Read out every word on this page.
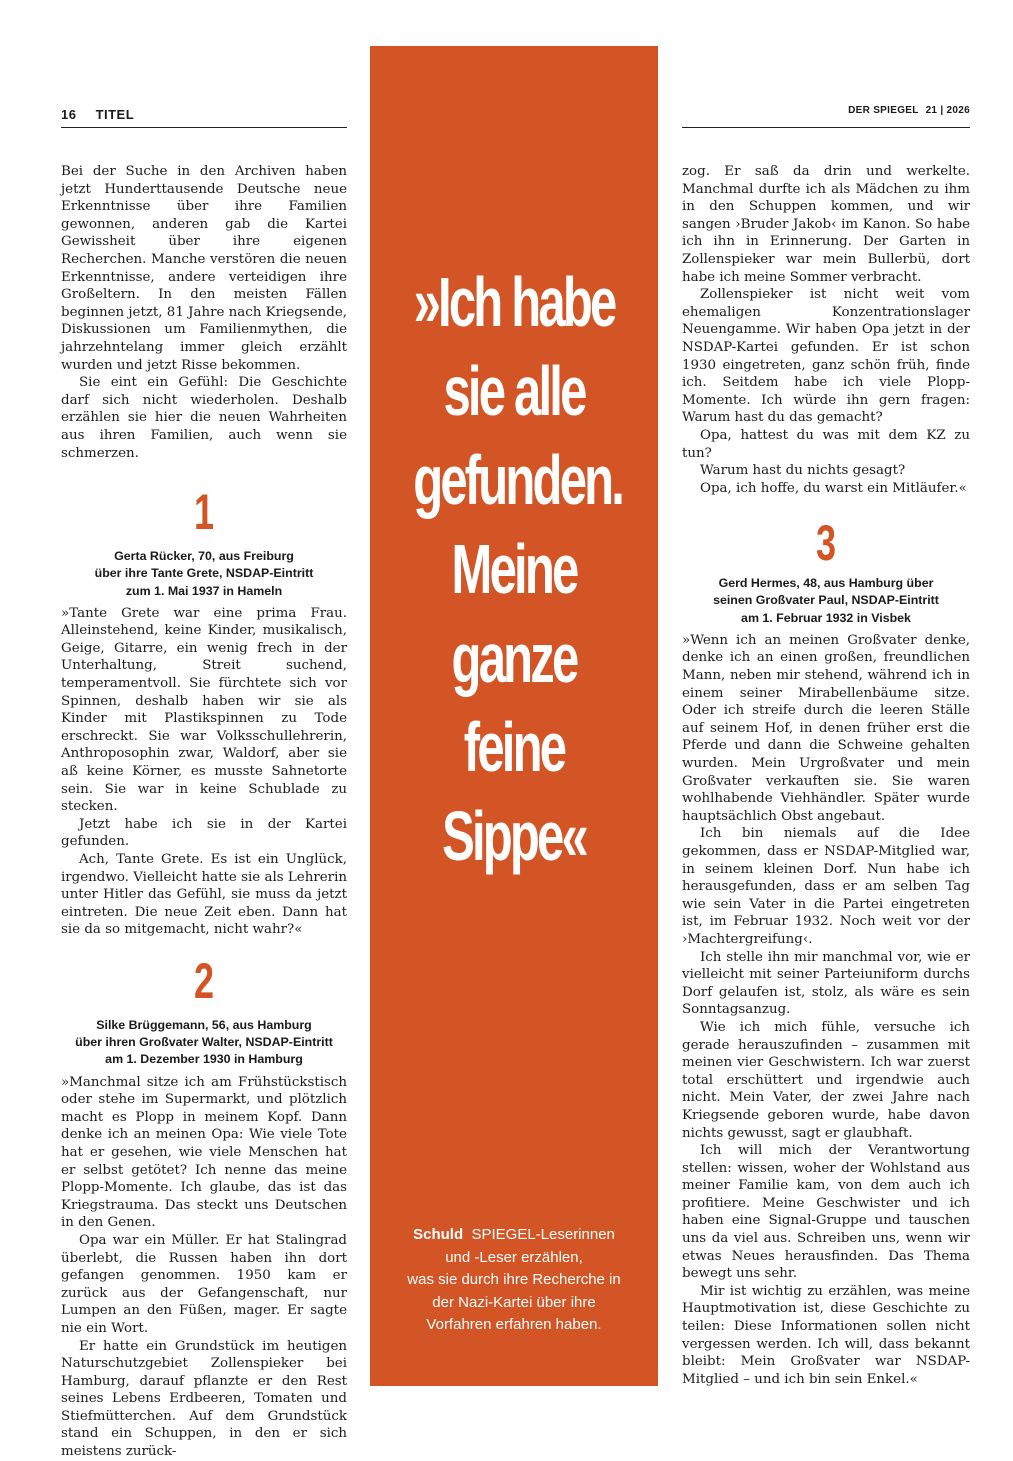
16 TITEL	DER SPIEGEL 21 | 2026

Bei der Suche in den Archiven haben jetzt Hunderttausende Deutsche neue Erkenntnisse über ihre Familien gewonnen, anderen gab die Kartei Gewissheit über ihre eigenen Recherchen. Manche verstören die neuen Erkenntnisse, andere verteidigen ihre Großeltern. In den meisten Fällen beginnen jetzt, 81 Jahre nach Kriegsende, Diskussionen um Familienmythen, die jahrzehntelang immer gleich erzählt wurden und jetzt Risse bekommen.

Sie eint ein Gefühl: Die Geschichte darf sich nicht wiederholen. Deshalb erzählen sie hier die neuen Wahrheiten aus ihren Familien, auch wenn sie schmerzen.

1
Gerta Rücker, 70, aus Freiburg
über ihre Tante Grete, NSDAP-Eintritt
zum 1. Mai 1937 in Hameln

»Tante Grete war eine prima Frau. Alleinstehend, keine Kinder, musikalisch, Geige, Gitarre, ein wenig frech in der Unterhaltung, Streit suchend, temperamentvoll. Sie fürchtete sich vor Spinnen, deshalb haben wir sie als Kinder mit Plastikspinnen zu Tode erschreckt. Sie war Volksschullehrerin, Anthroposophin zwar, Waldorf, aber sie aß keine Körner, es musste Sahnetorte sein. Sie war in keine Schublade zu stecken.

Jetzt habe ich sie in der Kartei gefunden.

Ach, Tante Grete. Es ist ein Unglück, irgendwo. Vielleicht hatte sie als Lehrerin unter Hitler das Gefühl, sie muss da jetzt eintreten. Die neue Zeit eben. Dann hat sie da so mitgemacht, nicht wahr?«

2
Silke Brüggemann, 56, aus Hamburg
über ihren Großvater Walter, NSDAP-Eintritt
am 1. Dezember 1930 in Hamburg

»Manchmal sitze ich am Frühstückstisch oder stehe im Supermarkt, und plötzlich macht es Plopp in meinem Kopf. Dann denke ich an meinen Opa: Wie viele Tote hat er gesehen, wie viele Menschen hat er selbst getötet? Ich nenne das meine Plopp-Momente. Ich glaube, das ist das Kriegstrauma. Das steckt uns Deutschen in den Genen.

Opa war ein Müller. Er hat Stalingrad überlebt, die Russen haben ihn dort gefangen genommen. 1950 kam er zurück aus der Gefangenschaft, nur Lumpen an den Füßen, mager. Er sagte nie ein Wort.

Er hatte ein Grundstück im heutigen Naturschutzgebiet Zollenspieker bei Hamburg, darauf pflanzte er den Rest seines Lebens Erdbeeren, Tomaten und Stiefmütterchen. Auf dem Grundstück stand ein Schuppen, in den er sich meistens zurück-

»Ich habe
sie alle
gefunden.
Meine
ganze
feine
Sippe«
Schuld SPIEGEL-Leserinnen
und -Leser erzählen,
was sie durch ihre Recherche in
der Nazi-Kartei über ihre
Vorfahren erfahren haben.

zog. Er saß da drin und werkelte. Manchmal durfte ich als Mädchen zu ihm in den Schuppen kommen, und wir sangen ›Bruder Jakob‹ im Kanon. So habe ich ihn in Erinnerung. Der Garten in Zollenspieker war mein Bullerbü, dort habe ich meine Sommer verbracht.

Zollenspieker ist nicht weit vom ehemaligen Konzentrationslager Neuengamme. Wir haben Opa jetzt in der NSDAP-Kartei gefunden. Er ist schon 1930 eingetreten, ganz schön früh, finde ich. Seitdem habe ich viele Plopp-Momente. Ich würde ihn gern fragen: Warum hast du das gemacht?

Opa, hattest du was mit dem KZ zu tun?

Warum hast du nichts gesagt?

Opa, ich hoffe, du warst ein Mitläufer.«

3
Gerd Hermes, 48, aus Hamburg über
seinen Großvater Paul, NSDAP-Eintritt
am 1. Februar 1932 in Visbek

»Wenn ich an meinen Großvater denke, denke ich an einen großen, freundlichen Mann, neben mir stehend, während ich in einem seiner Mirabellenbäume sitze. Oder ich streife durch die leeren Ställe auf seinem Hof, in denen früher erst die Pferde und dann die Schweine gehalten wurden. Mein Urgroßvater und mein Großvater verkauften sie. Sie waren wohlhabende Viehhändler. Später wurde hauptsächlich Obst angebaut.

Ich bin niemals auf die Idee gekommen, dass er NSDAP-Mitglied war, in seinem kleinen Dorf. Nun habe ich herausgefunden, dass er am selben Tag wie sein Vater in die Partei eingetreten ist, im Februar 1932. Noch weit vor der ›Machtergreifung‹.

Ich stelle ihn mir manchmal vor, wie er vielleicht mit seiner Parteiuniform durchs Dorf gelaufen ist, stolz, als wäre es sein Sonntagsanzug.

Wie ich mich fühle, versuche ich gerade herauszufinden – zusammen mit meinen vier Geschwistern. Ich war zuerst total erschüttert und irgendwie auch nicht. Mein Vater, der zwei Jahre nach Kriegsende geboren wurde, habe davon nichts gewusst, sagt er glaubhaft.

Ich will mich der Verantwortung stellen: wissen, woher der Wohlstand aus meiner Familie kam, von dem auch ich profitiere. Meine Geschwister und ich haben eine Signal-Gruppe und tauschen uns da viel aus. Schreiben uns, wenn wir etwas Neues herausfinden. Das Thema bewegt uns sehr.

Mir ist wichtig zu erzählen, was meine Hauptmotivation ist, diese Geschichte zu teilen: Diese Informationen sollen nicht vergessen werden. Ich will, dass bekannt bleibt: Mein Großvater war NSDAP-Mitglied – und ich bin sein Enkel.«
